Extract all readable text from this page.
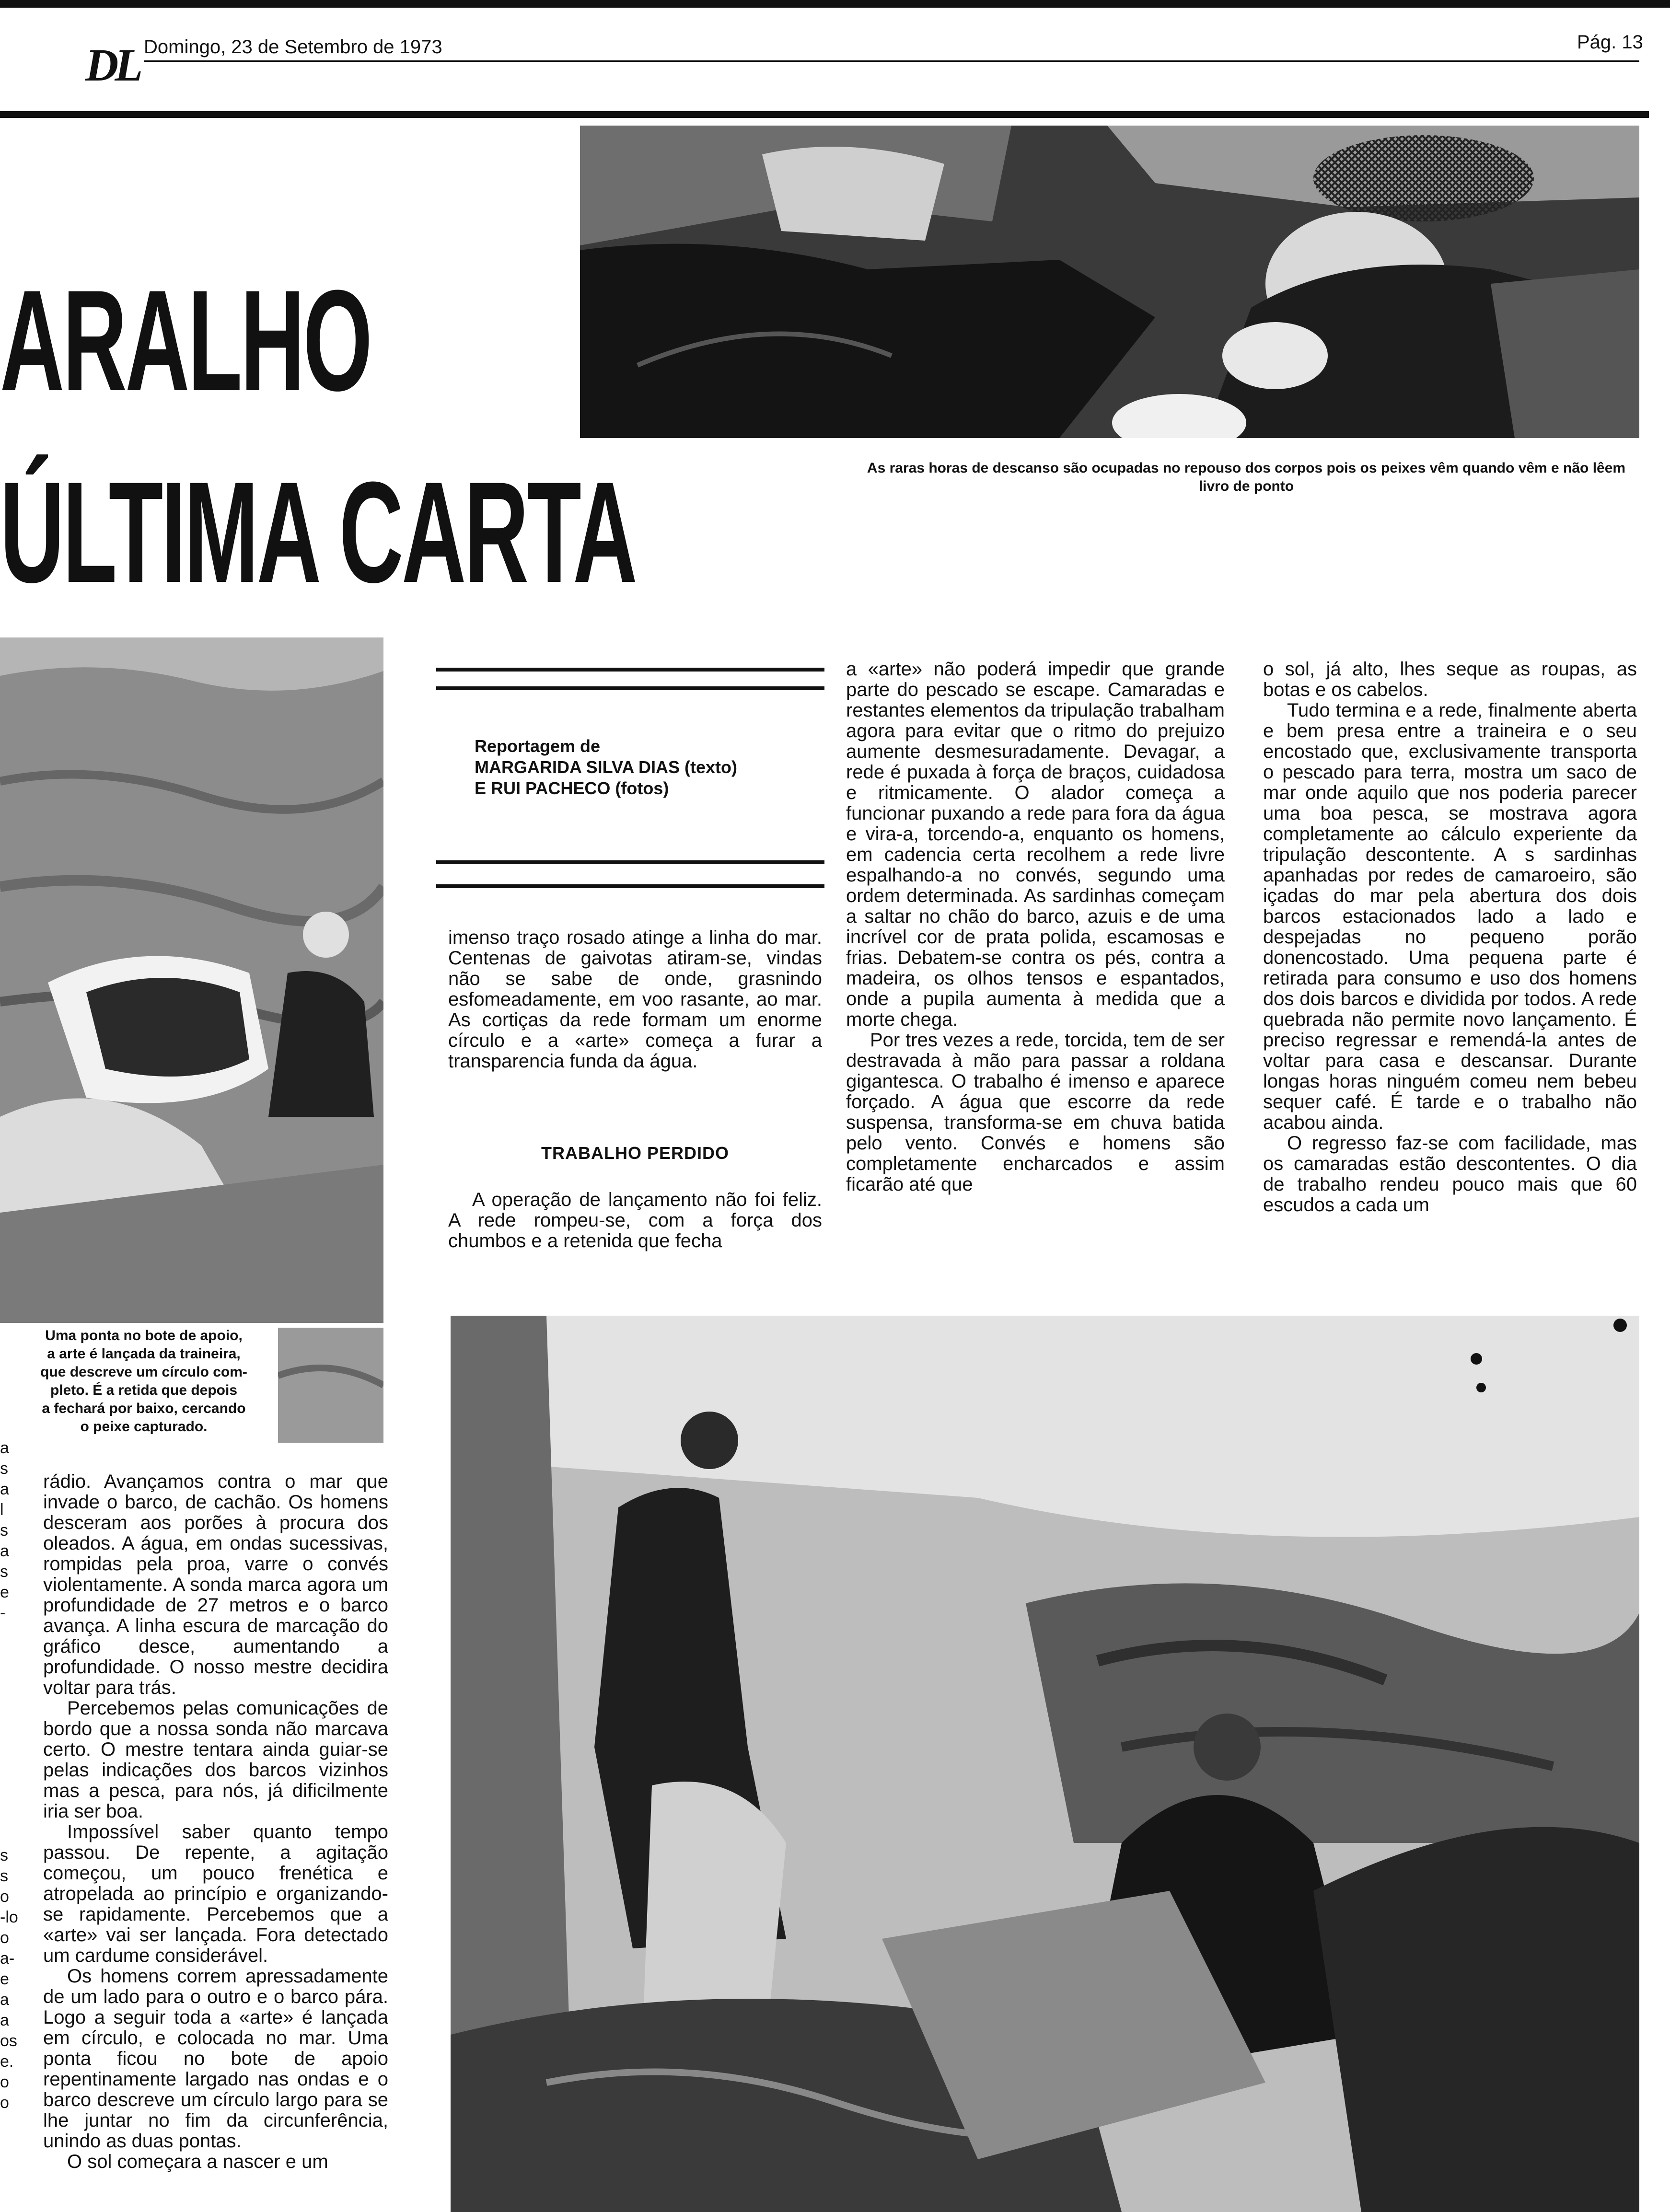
DL Domingo, 23 de Setembro de 1973	Pág. 13
ARALHO
ÚLTIMA CARTA	As raras horas de descanso são ocupadas no repouso dos corpos pois os peixes vêm quando vêm e não lêem livro de ponto
Uma ponta no bote de apoio,
a arte é lançada da traineira,
que descreve um círculo com-
pleto. É a retida que depois
a fechará por baixo, cercando
o peixe capturado.
a
s
a
l
s
a
s
e
-
s
s
o
-lo
o
a-
e
a
a
os
e.
o
o
Reportagem de
MARGARIDA SILVA DIAS (texto)
E RUI PACHECO (fotos)

rádio. Avançamos contra o mar que invade o barco, de cachão. Os homens desceram aos porões à procura dos oleados. A água, em ondas sucessivas, rompidas pela proa, varre o convés violentamente. A sonda marca agora um profundidade de 27 metros e o barco avança. A linha escura de marcação do gráfico desce, aumentando a profundidade. O nosso mestre decidira voltar para trás.

Percebemos pelas comunicações de bordo que a nossa sonda não marcava certo. O mestre tentara ainda guiar-se pelas indicações dos barcos vizinhos mas a pesca, para nós, já dificilmente iria ser boa.

Impossível saber quanto tempo passou. De repente, a agitação começou, um pouco frenética e atropelada ao princípio e organizando-se rapidamente. Percebemos que a «arte» vai ser lançada. Fora detectado um cardume considerável.

Os homens correm apressadamente de um lado para o outro e o barco pára. Logo a seguir toda a «arte» é lançada em círculo, e colocada no mar. Uma ponta ficou no bote de apoio repentinamente largado nas ondas e o barco descreve um círculo largo para se lhe juntar no fim da circunferência, unindo as duas pontas.

O sol começara a nascer e um

imenso traço rosado atinge a linha do mar. Centenas de gaivotas atiram-se, vindas não se sabe de onde, grasnindo esfomeadamente, em voo rasante, ao mar. As cortiças da rede formam um enorme círculo e a «arte» começa a furar a transparencia funda da água.

TRABALHO PERDIDO

A operação de lançamento não foi feliz. A rede rompeu-se, com a força dos chumbos e a retenida que fecha

a «arte» não poderá impedir que grande parte do pescado se escape. Camaradas e restantes elementos da tripulação trabalham agora para evitar que o ritmo do prejuizo aumente desmesuradamente. Devagar, a rede é puxada à força de braços, cuidadosa e ritmicamente. O alador começa a funcionar puxando a rede para fora da água e vira-a, torcendo-a, enquanto os homens, em cadencia certa recolhem a rede livre espalhando-a no convés, segundo uma ordem determinada. As sardinhas começam a saltar no chão do barco, azuis e de uma incrível cor de prata polida, escamosas e frias. Debatem-se contra os pés, contra a madeira, os olhos tensos e espantados, onde a pupila aumenta à medida que a morte chega.

Por tres vezes a rede, torcida, tem de ser destravada à mão para passar a roldana gigantesca. O trabalho é imenso e aparece forçado. A água que escorre da rede suspensa, transforma-se em chuva batida pelo vento. Convés e homens são completamente encharcados e assim ficarão até que

o sol, já alto, lhes seque as roupas, as botas e os cabelos.

Tudo termina e a rede, finalmente aberta e bem presa entre a traineira e o seu encostado que, exclusivamente transporta o pescado para terra, mostra um saco de mar onde aquilo que nos poderia parecer uma boa pesca, se mostrava agora completamente ao cálculo experiente da tripulação descontente. A s sardinhas apanhadas por redes de camaroeiro, são içadas do mar pela abertura dos dois barcos estacionados lado a lado e despejadas no pequeno porão donencostado. Uma pequena parte é retirada para consumo e uso dos homens dos dois barcos e dividida por todos. A rede quebrada não permite novo lançamento. É preciso regressar e remendá-la antes de voltar para casa e descansar. Durante longas horas ninguém comeu nem bebeu sequer café. É tarde e o trabalho não acabou ainda.

O regresso faz-se com facilidade, mas os camaradas estão descontentes. O dia de trabalho rendeu pouco mais que 60 escudos a cada um
